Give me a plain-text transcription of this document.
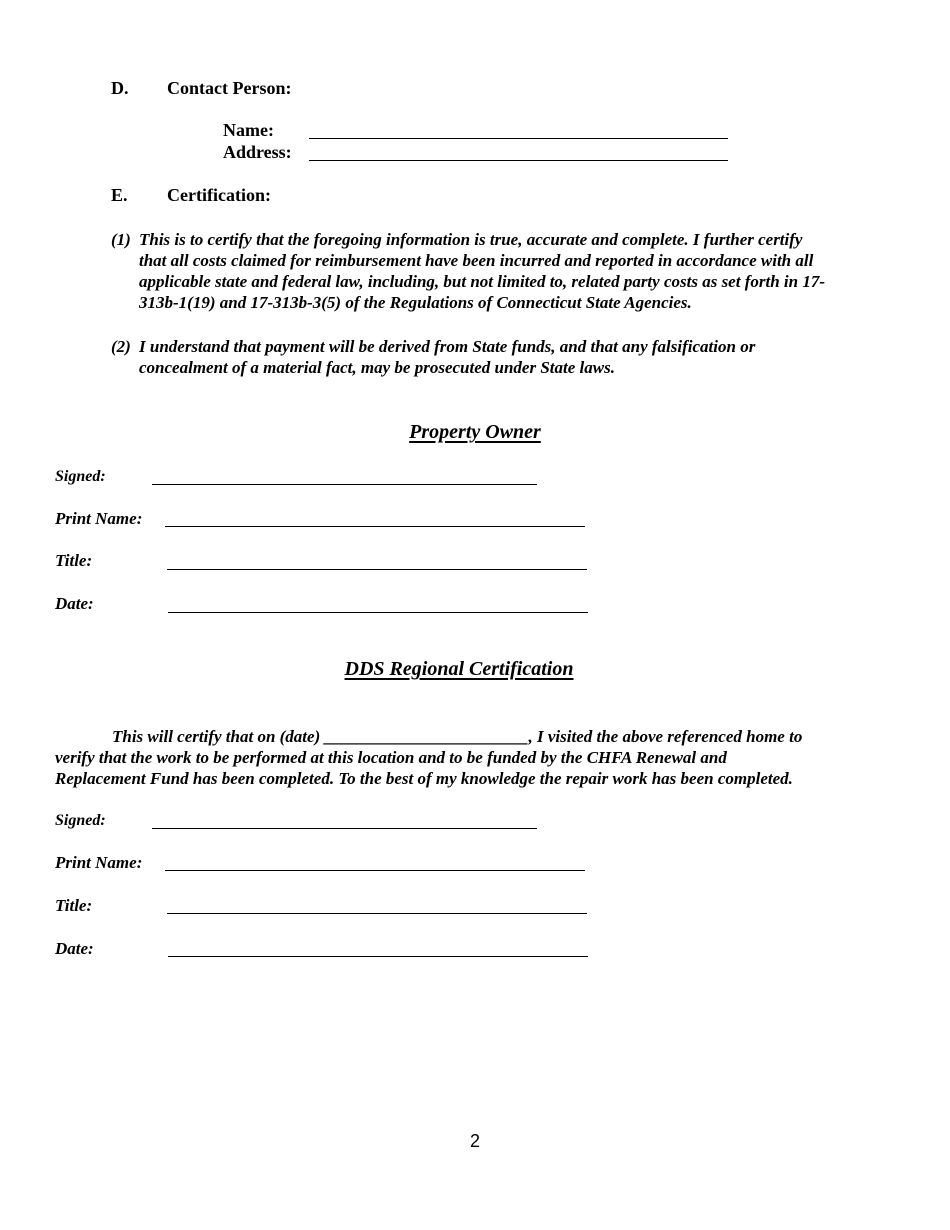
D. Contact Person:
Name:
Address:
E. Certification:
(1) This is to certify that the foregoing information is true, accurate and complete. I further certify
that all costs claimed for reimbursement have been incurred and reported in accordance with all
applicable state and federal law, including, but not limited to, related party costs as set forth in 17-
313b-1(19) and 17-313b-3(5) of the Regulations of Connecticut State Agencies.
(2) I understand that payment will be derived from State funds, and that any falsification or
concealment of a material fact, may be prosecuted under State laws.
Property Owner
Signed:
Print Name:
Title:
Date:
DDS Regional Certification
This will certify that on (date) ________________________, I visited the above referenced home to
verify that the work to be performed at this location and to be funded by the CHFA Renewal and
Replacement Fund has been completed. To the best of my knowledge the repair work has been completed.
Signed:
Print Name:
Title:
Date:
2
